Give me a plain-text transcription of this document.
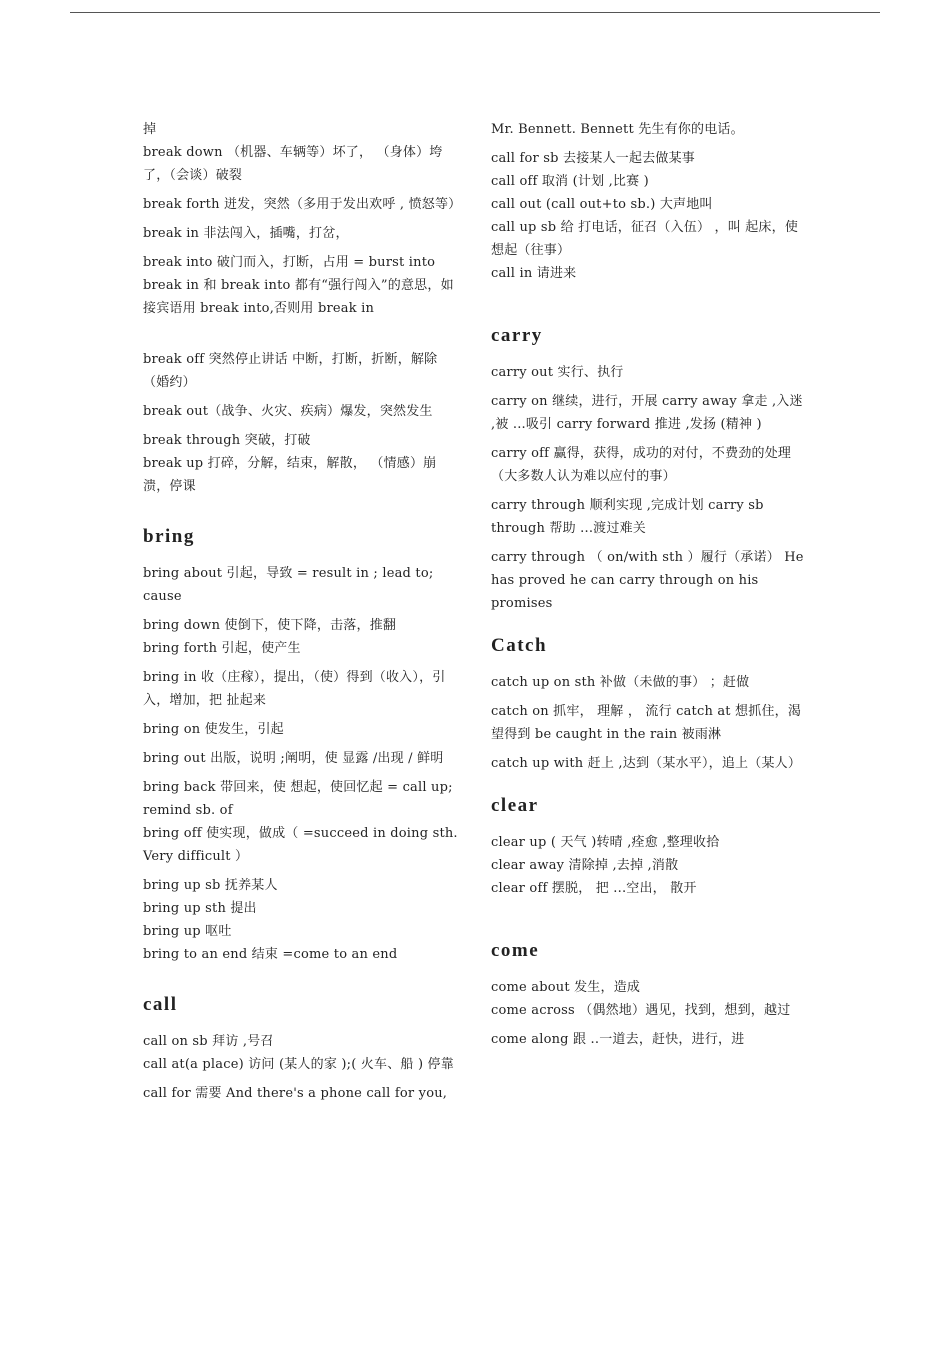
掉

break down （机器、车辆等）坏了， （身体）垮了，（会谈）破裂

break forth 迸发，突然（多用于发出欢呼 , 愤怒等）

break in 非法闯入，插嘴，打岔，

break into 破门而入，打断，占用 = burst into break in 和 break into 都有“强行闯入”的意思，如接宾语用 break into,否则用 break in

break off 突然停止讲话 中断，打断，折断，解除（婚约）

break out（战争、火灾、疾病）爆发，突然发生

break through 突破，打破

break up 打碎，分解，结束，解散， （情感）崩溃，停课

bring

bring about 引起，导致 = result in ; lead to; cause

bring down 使倒下，使下降，击落，推翻

bring forth 引起，使产生

bring in 收（庄稼），提出，（使）得到（收入），引入，增加，把 扯起来

bring on 使发生，引起

bring out 出版，说明 ;阐明，使 显露 /出现 / 鲜明

bring back 带回来，使 想起，使回忆起 = call up; remind sb. of

bring off 使实现，做成（ =succeed in doing sth. Very difficult ）

bring up sb 抚养某人

bring up sth 提出

bring up 呕吐

bring to an end 结束 =come to an end

call

call on sb 拜访 ,号召

call at(a place) 访问 (某人的家 );( 火车、船 ) 停靠

call for 需要 And there's a phone call for you,

Mr. Bennett. Bennett 先生有你的电话。

call for sb 去接某人一起去做某事

call off 取消 (计划 ,比赛 )

call out (call out+to sb.) 大声地叫

call up sb 给 打电话，征召（入伍） ，叫 起床，使想起（往事）

call in 请进来

carry

carry out 实行、执行

carry on 继续，进行，开展 carry away 拿走 ,入迷 ,被 ...吸引 carry forward 推进 ,发扬 (精神 )

carry off 赢得，获得，成功的对付，不费劲的处理（大多数人认为难以应付的事）

carry through 顺利实现 ,完成计划 carry sb through 帮助 ...渡过难关

carry through （ on/with sth ）履行（承诺） He has proved he can carry through on his promises

Catch

catch up on sth 补做（未做的事） ；赶做

catch on 抓牢， 理解 ， 流行 catch at 想抓住，渴望得到 be caught in the rain 被雨淋

catch up with 赶上 ,达到（某水平），追上（某人）

clear

clear up ( 天气 )转晴 ,痊愈 ,整理收拾

clear away 清除掉 ,去掉 ,消散

clear off 摆脱， 把 ...空出， 散开

come

come about 发生，造成

come across （偶然地）遇见，找到，想到，越过

come along 跟 ..一道去，赶快，进行，进
